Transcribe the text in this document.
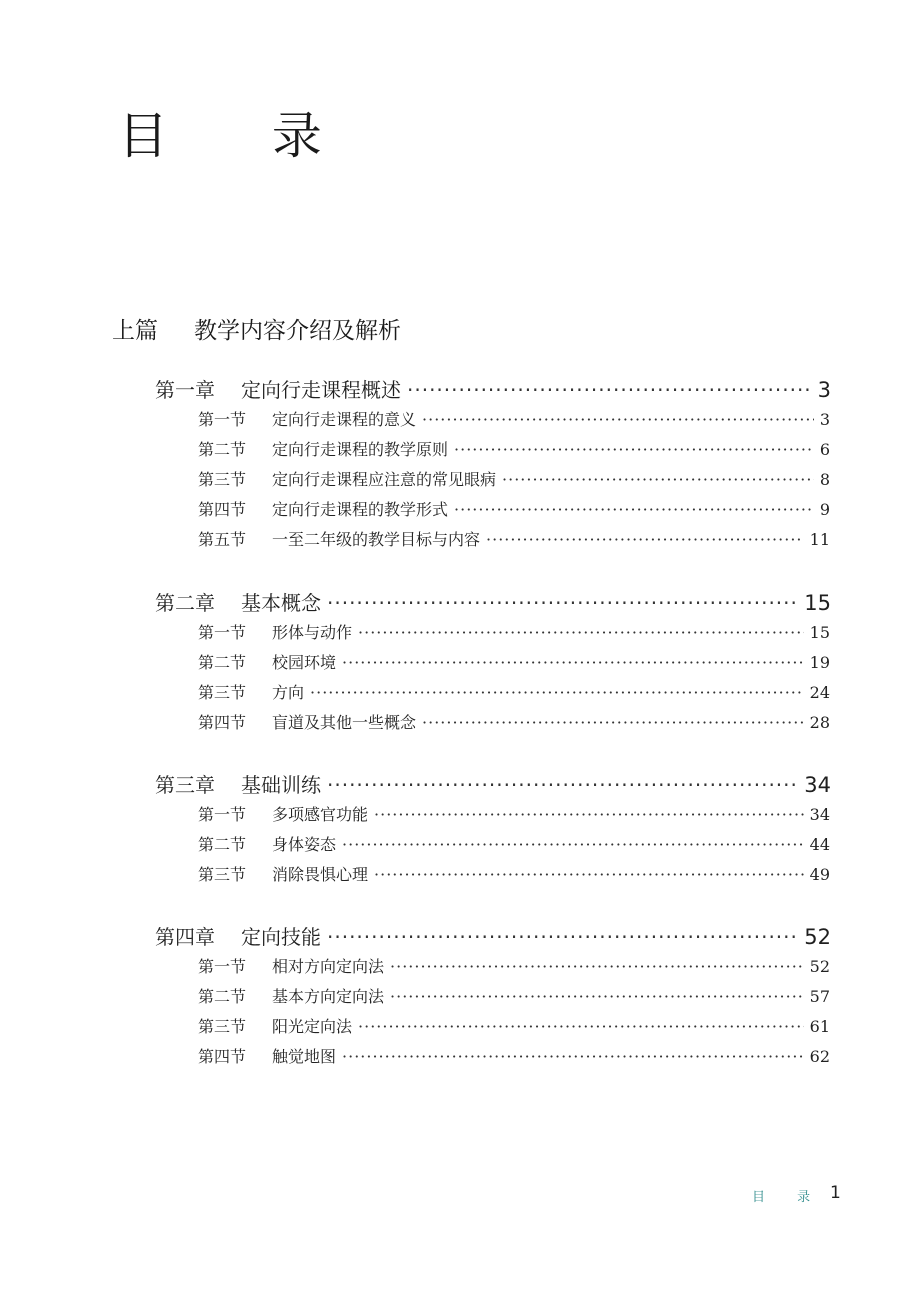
目 录
上篇 教学内容介绍及解析
第一章	定向行走课程概述 ·····	3
第一节	定向行走课程的意义 ·····	3
第二节	定向行走课程的教学原则 ·····	6
第三节	定向行走课程应注意的常见眼病 ·····	8
第四节	定向行走课程的教学形式 ·····	9
第五节	一至二年级的教学目标与内容 ·····	11
第二章	基本概念 ·····	15
第一节	形体与动作 ·····	15
第二节	校园环境 ·····	19
第三节	方向 ·····	24
第四节	盲道及其他一些概念 ·····	28
第三章	基础训练 ·····	34
第一节	多项感官功能 ·····	34
第二节	身体姿态 ·····	44
第三节	消除畏惧心理 ·····	49
第四章	定向技能 ·····	52
第一节	相对方向定向法 ·····	52
第二节	基本方向定向法 ·····	57
第三节	阳光定向法 ·····	61
第四节	触觉地图 ·····	62
目 录 1
